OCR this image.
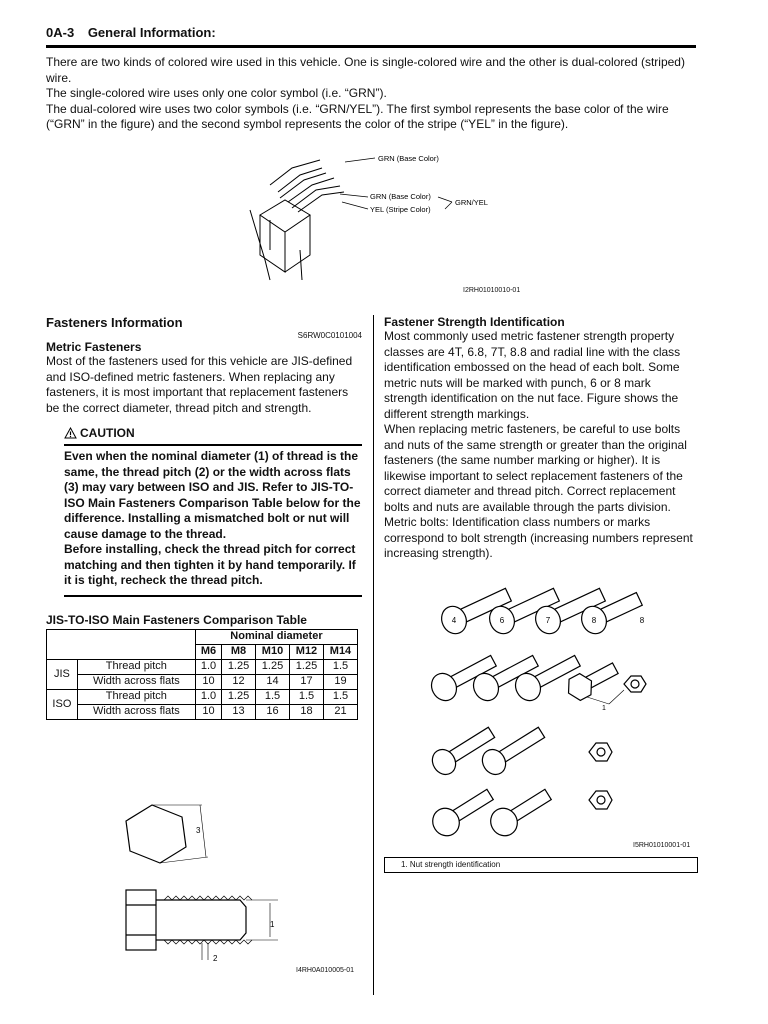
0A-3 General Information:

There are two kinds of colored wire used in this vehicle. One is single-colored wire and the other is dual-colored (striped) wire.

The single-colored wire uses only one color symbol (i.e. “GRN”).

The dual-colored wire uses two color symbols (i.e. “GRN/YEL”). The first symbol represents the base color of the wire (“GRN” in the figure) and the second symbol represents the color of the stripe (“YEL” in the figure).

GRN (Base Color)
GRN (Base Color)
YEL (Stripe Color)
GRN/YEL
I2RH01010010-01
Fasteners Information
S6RW0C0101004
Metric Fasteners

Most of the fasteners used for this vehicle are JIS-defined and ISO-defined metric fasteners. When replacing any fasteners, it is most important that replacement fasteners be the correct diameter, thread pitch and strength.

CAUTION
Even when the nominal diameter (1) of thread is the same, the thread pitch (2) or the width across flats (3) may vary between ISO and JIS. Refer to JIS-TO-ISO Main Fasteners Comparison Table below for the difference. Installing a mismatched bolt or nut will cause damage to the thread.
Before installing, check the thread pitch for correct matching and then tighten it by hand temporarily. If it is tight, recheck the thread pitch.
JIS-TO-ISO Main Fasteners Comparison Table
		Nominal diameter				
		M6	M8	M10	M12	M14
JIS	Thread pitch	1.0	1.25	1.25	1.25	1.5
	Width across flats	10	12	14	17	19
ISO	Thread pitch	1.0	1.25	1.5	1.5	1.5
	Width across flats	10	13	16	18	21
3
1
2
I4RH0A010005-01
Fastener Strength Identification

Most commonly used metric fastener strength property classes are 4T, 6.8, 7T, 8.8 and radial line with the class identification embossed on the head of each bolt. Some metric nuts will be marked with punch, 6 or 8 mark strength identification on the nut face. Figure shows the different strength markings.

When replacing metric fasteners, be careful to use bolts and nuts of the same strength or greater than the original fasteners (the same number marking or higher). It is likewise important to select replacement fasteners of the correct diameter and thread pitch. Correct replacement bolts and nuts are available through the parts division.

Metric bolts: Identification class numbers or marks correspond to bolt strength (increasing numbers represent increasing strength).

4	6	7	8	8
1
I5RH01010001-01
1. Nut strength identification
